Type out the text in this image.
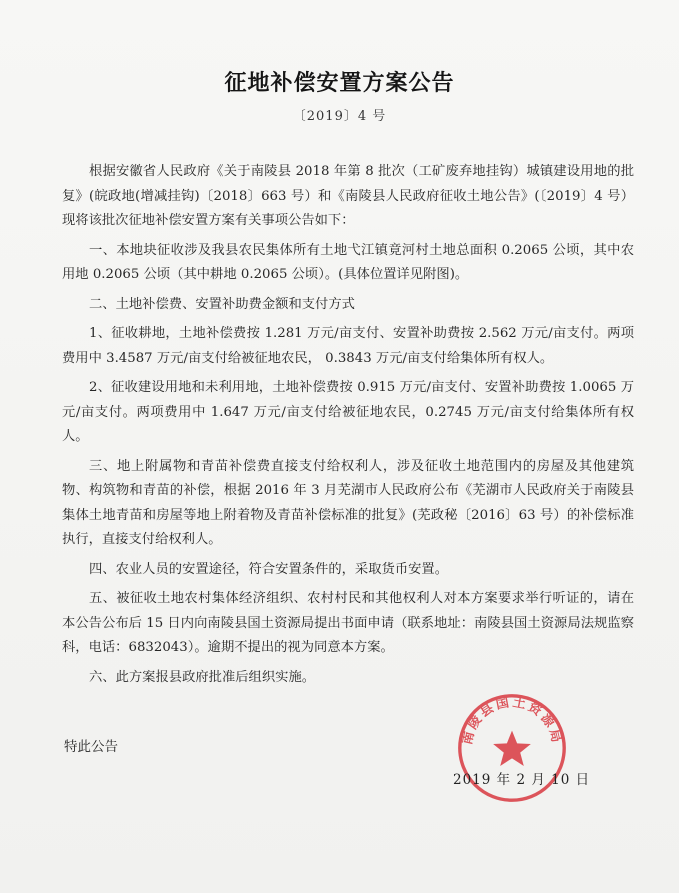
征地补偿安置方案公告
〔2019〕4 号

根据安徽省人民政府《关于南陵县 2018 年第 8 批次（工矿废弃地挂钩）城镇建设用地的批复》(皖政地(增减挂钩)〔2018〕663 号）和《南陵县人民政府征收土地公告》(〔2019〕4 号）现将该批次征地补偿安置方案有关事项公告如下：

一、本地块征收涉及我县农民集体所有土地弋江镇竟河村土地总面积 0.2065 公顷，其中农用地 0.2065 公顷（其中耕地 0.2065 公顷）。(具体位置详见附图)。

二、土地补偿费、安置补助费金额和支付方式

1、征收耕地，土地补偿费按 1.281 万元/亩支付、安置补助费按 2.562 万元/亩支付。两项费用中 3.4587 万元/亩支付给被征地农民， 0.3843 万元/亩支付给集体所有权人。

2、征收建设用地和未利用地，土地补偿费按 0.915 万元/亩支付、安置补助费按 1.0065 万元/亩支付。两项费用中 1.647 万元/亩支付给被征地农民，0.2745 万元/亩支付给集体所有权人。

三、地上附属物和青苗补偿费直接支付给权利人，涉及征收土地范围内的房屋及其他建筑物、构筑物和青苗的补偿，根据 2016 年 3 月芜湖市人民政府公布《芜湖市人民政府关于南陵县集体土地青苗和房屋等地上附着物及青苗补偿标准的批复》(芜政秘〔2016〕63 号）的补偿标准执行，直接支付给权利人。

四、农业人员的安置途径，符合安置条件的，采取货币安置。

五、被征收土地农村集体经济组织、农村村民和其他权利人对本方案要求举行听证的，请在本公告公布后 15 日内向南陵县国土资源局提出书面申请（联系地址：南陵县国土资源局法规监察科，电话：6832043）。逾期不提出的视为同意本方案。

六、此方案报县政府批准后组织实施。

特此公告
南陵县国土资源局
2019 年 2 月 10 日
